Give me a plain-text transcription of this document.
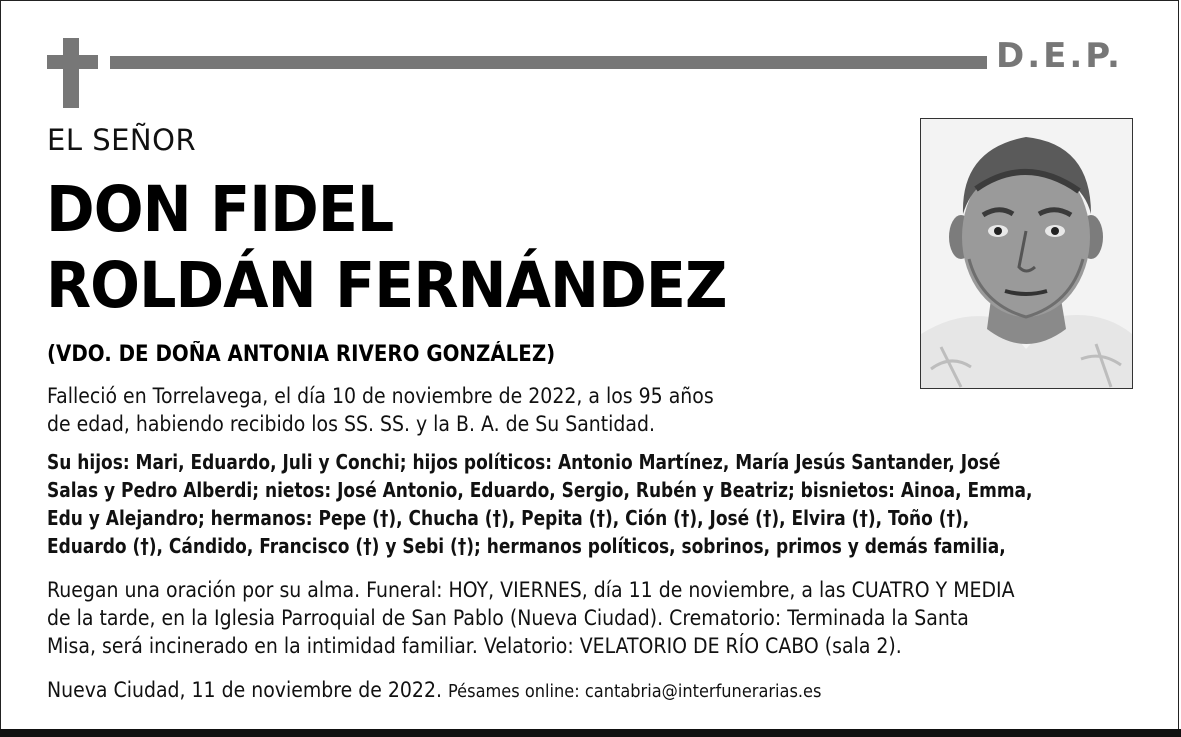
D.E.P.
EL SEÑOR
DON FIDEL
ROLDÁN FERNÁNDEZ
(VDO. DE DOÑA ANTONIA RIVERO GONZÁLEZ)
Falleció en Torrelavega, el día 10 de noviembre de 2022, a los 95 años
de edad, habiendo recibido los SS. SS. y la B. A. de Su Santidad.
Su hijos: Mari, Eduardo, Juli y Conchi; hijos políticos: Antonio Martínez, María Jesús Santander, José
Salas y Pedro Alberdi; nietos: José Antonio, Eduardo, Sergio, Rubén y Beatriz; bisnietos: Ainoa, Emma,
Edu y Alejandro; hermanos: Pepe (†), Chucha (†), Pepita (†), Ción (†), José (†), Elvira (†), Toño (†),
Eduardo (†), Cándido, Francisco (†) y Sebi (†); hermanos políticos, sobrinos, primos y demás familia,
Ruegan una oración por su alma. Funeral: HOY, VIERNES, día 11 de noviembre, a las CUATRO Y MEDIA
de la tarde, en la Iglesia Parroquial de San Pablo (Nueva Ciudad). Crematorio: Terminada la Santa
Misa, será incinerado en la intimidad familiar. Velatorio: VELATORIO DE RÍO CABO (sala 2).
Nueva Ciudad, 11 de noviembre de 2022. Pésames online: cantabria@interfunerarias.es
